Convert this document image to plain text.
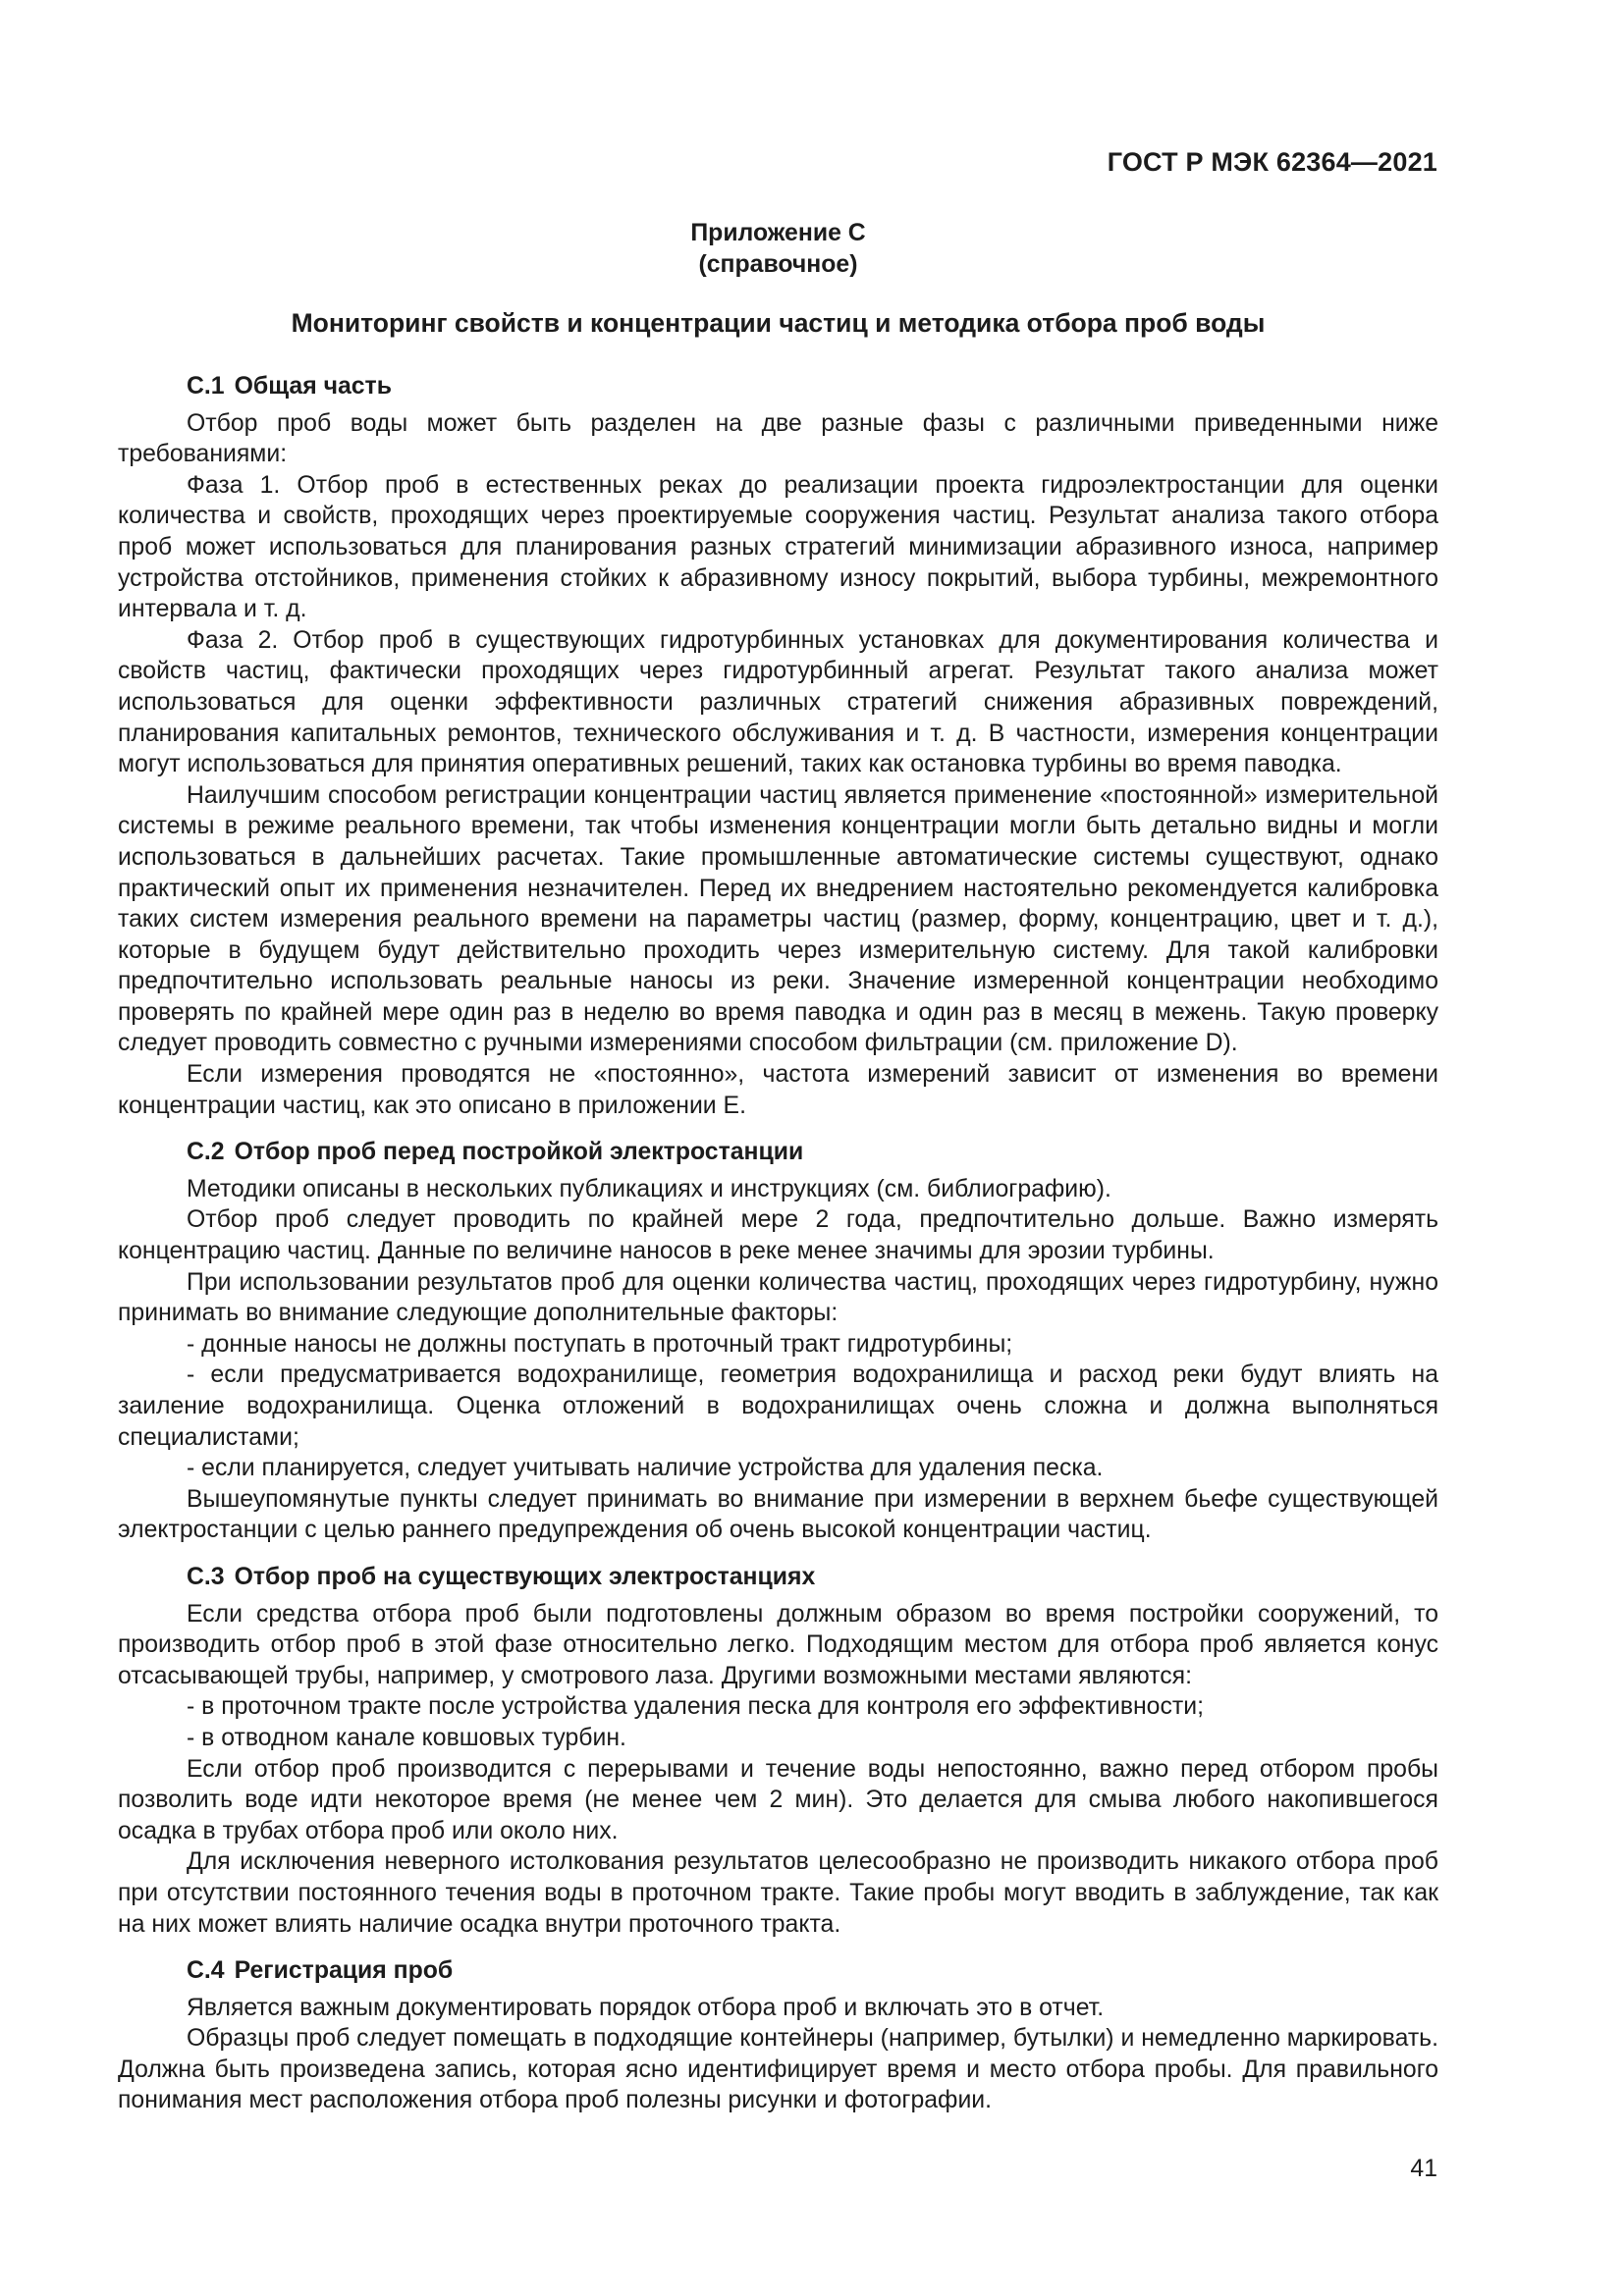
ГОСТ Р МЭК 62364—2021
Приложение С
(справочное)
Мониторинг свойств и концентрации частиц и методика отбора проб воды
С.1 Общая часть

Отбор проб воды может быть разделен на две разные фазы с различными приведенными ниже требованиями:

Фаза 1. Отбор проб в естественных реках до реализации проекта гидроэлектростанции для оценки количества и свойств, проходящих через проектируемые сооружения частиц. Результат анализа такого отбора проб может использоваться для планирования разных стратегий минимизации абразивного износа, например устройства отстойников, применения стойких к абразивному износу покрытий, выбора турбины, межремонтного интервала и т. д.

Фаза 2. Отбор проб в существующих гидротурбинных установках для документирования количества и свойств частиц, фактически проходящих через гидротурбинный агрегат. Результат такого анализа может использоваться для оценки эффективности различных стратегий снижения абразивных повреждений, планирования капитальных ремонтов, технического обслуживания и т. д. В частности, измерения концентрации могут использоваться для принятия оперативных решений, таких как остановка турбины во время паводка.

Наилучшим способом регистрации концентрации частиц является применение «постоянной» измерительной системы в режиме реального времени, так чтобы изменения концентрации могли быть детально видны и могли использоваться в дальнейших расчетах. Такие промышленные автоматические системы существуют, однако практический опыт их применения незначителен. Перед их внедрением настоятельно рекомендуется калибровка таких систем измерения реального времени на параметры частиц (размер, форму, концентрацию, цвет и т. д.), которые в будущем будут действительно проходить через измерительную систему. Для такой калибровки предпочтительно использовать реальные наносы из реки. Значение измеренной концентрации необходимо проверять по крайней мере один раз в неделю во время паводка и один раз в месяц в межень. Такую проверку следует проводить совместно с ручными измерениями способом фильтрации (см. приложение D).

Если измерения проводятся не «постоянно», частота измерений зависит от изменения во времени концентрации частиц, как это описано в приложении E.

С.2 Отбор проб перед постройкой электростанции

Методики описаны в нескольких публикациях и инструкциях (см. библиографию).

Отбор проб следует проводить по крайней мере 2 года, предпочтительно дольше. Важно измерять концентрацию частиц. Данные по величине наносов в реке менее значимы для эрозии турбины.

При использовании результатов проб для оценки количества частиц, проходящих через гидротурбину, нужно принимать во внимание следующие дополнительные факторы:

- донные наносы не должны поступать в проточный тракт гидротурбины;

- если предусматривается водохранилище, геометрия водохранилища и расход реки будут влиять на заиление водохранилища. Оценка отложений в водохранилищах очень сложна и должна выполняться специалистами;

- если планируется, следует учитывать наличие устройства для удаления песка.

Вышеупомянутые пункты следует принимать во внимание при измерении в верхнем бьефе существующей электростанции с целью раннего предупреждения об очень высокой концентрации частиц.

С.3 Отбор проб на существующих электростанциях

Если средства отбора проб были подготовлены должным образом во время постройки сооружений, то производить отбор проб в этой фазе относительно легко. Подходящим местом для отбора проб является конус отсасывающей трубы, например, у смотрового лаза. Другими возможными местами являются:

- в проточном тракте после устройства удаления песка для контроля его эффективности;

- в отводном канале ковшовых турбин.

Если отбор проб производится с перерывами и течение воды непостоянно, важно перед отбором пробы позволить воде идти некоторое время (не менее чем 2 мин). Это делается для смыва любого накопившегося осадка в трубах отбора проб или около них.

Для исключения неверного истолкования результатов целесообразно не производить никакого отбора проб при отсутствии постоянного течения воды в проточном тракте. Такие пробы могут вводить в заблуждение, так как на них может влиять наличие осадка внутри проточного тракта.

С.4 Регистрация проб

Является важным документировать порядок отбора проб и включать это в отчет.

Образцы проб следует помещать в подходящие контейнеры (например, бутылки) и немедленно маркировать. Должна быть произведена запись, которая ясно идентифицирует время и место отбора пробы. Для правильного понимания мест расположения отбора проб полезны рисунки и фотографии.

41
